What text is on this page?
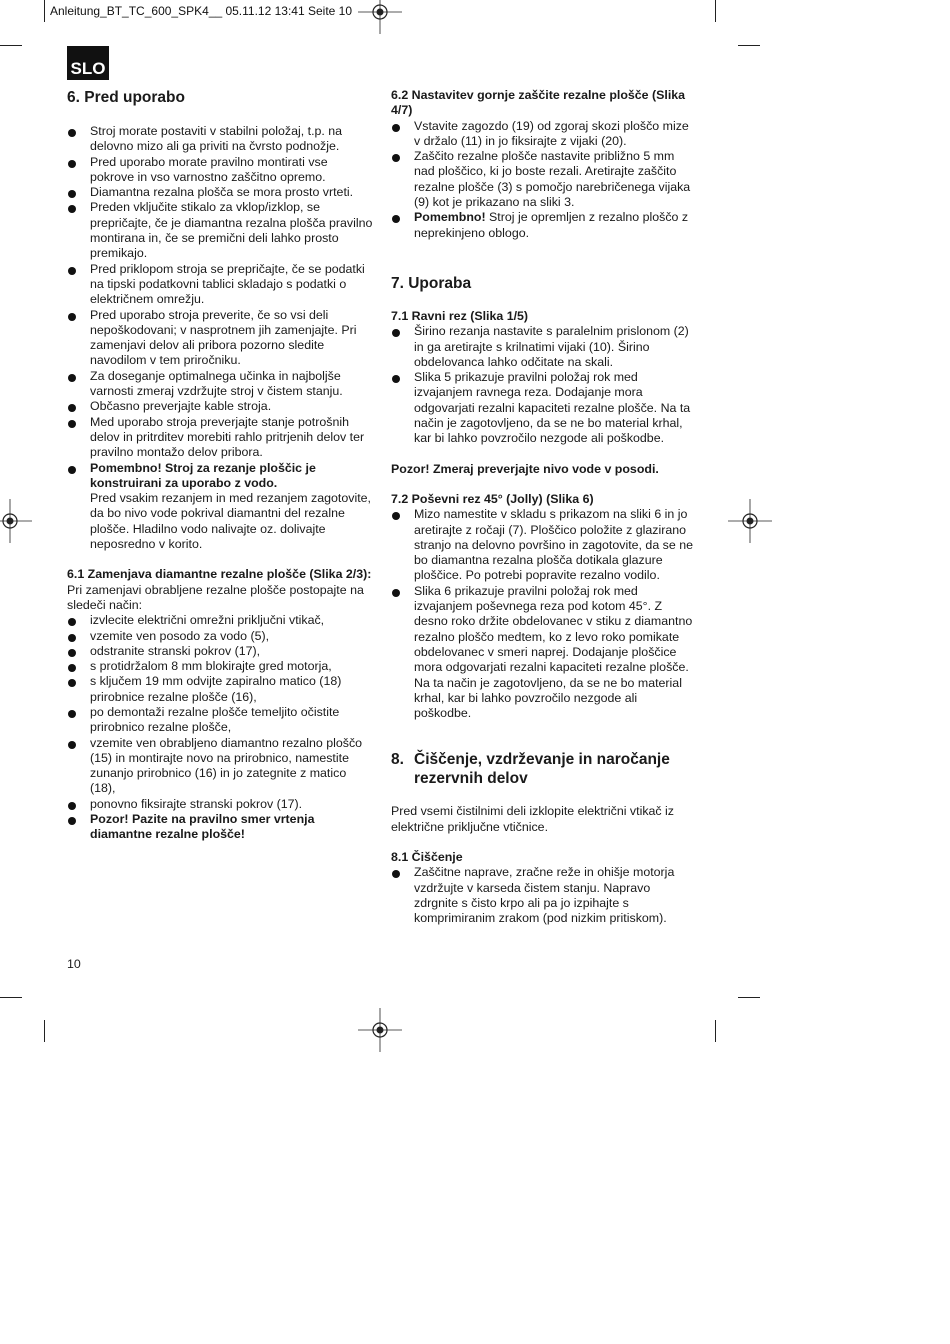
Anleitung_BT_TC_600_SPK4__ 05.11.12 13:41 Seite 10
SLO
6. Pred uporabo
Stroj morate postaviti v stabilni položaj, t.p. na delovno mizo ali ga priviti na čvrsto podnožje.
Pred uporabo morate pravilno montirati vse pokrove in vso varnostno zaščitno opremo.
Diamantna rezalna plošča se mora prosto vrteti.
Preden vključite stikalo za vklop/izklop, se prepričajte, če je diamantna rezalna plošča pravilno montirana in, če se premični deli lahko prosto premikajo.
Pred priklopom stroja se prepričajte, če se podatki na tipski podatkovni tablici skladajo s podatki o električnem omrežju.
Pred uporabo stroja preverite, če so vsi deli nepoškodovani; v nasprotnem jih zamenjajte. Pri zamenjavi delov ali pribora pozorno sledite navodilom v tem priročniku.
Za doseganje optimalnega učinka in najboljše varnosti zmeraj vzdržujte stroj v čistem stanju.
Občasno preverjajte kable stroja.
Med uporabo stroja preverjajte stanje potrošnih delov in pritrditev morebiti rahlo pritrjenih delov ter pravilno montažo delov pribora.
Pomembno! Stroj za rezanje ploščic je konstruirani za uporabo z vodo.
Pred vsakim rezanjem in med rezanjem zagotovite, da bo nivo vode pokrival diamantni del rezalne plošče. Hladilno vodo nalivajte oz. dolivajte neposredno v korito.
6.1 Zamenjava diamantne rezalne plošče (Slika 2/3):

Pri zamenjavi obrabljene rezalne plošče postopajte na sledeči način:

izvlecite električni omrežni priključni vtikač,
vzemite ven posodo za vodo (5),
odstranite stranski pokrov (17),
s protidržalom 8 mm blokirajte gred motorja,
s ključem 19 mm odvijte zapiralno matico (18) prirobnice rezalne plošče (16),
po demontaži rezalne plošče temeljito očistite prirobnico rezalne plošče,
vzemite ven obrabljeno diamantno rezalno ploščo (15) in montirajte novo na prirobnico, namestite zunanjo prirobnico (16) in jo zategnite z matico (18),
ponovno fiksirajte stranski pokrov (17).
Pozor! Pazite na pravilno smer vrtenja diamantne rezalne plošče!
6.2 Nastavitev gornje zaščite rezalne plošče (Slika 4/7)
Vstavite zagozdo (19) od zgoraj skozi ploščo mize v držalo (11) in jo fiksirajte z vijaki (20).
Zaščito rezalne plošče nastavite približno 5 mm nad ploščico, ki jo boste rezali. Aretirajte zaščito rezalne plošče (3) s pomočjo narebričenega vijaka (9) kot je prikazano na sliki 3.
Pomembno! Stroj je opremljen z rezalno ploščo z neprekinjeno oblogo.
7. Uporaba
7.1 Ravni rez (Slika 1/5)
Širino rezanja nastavite s paralelnim prislonom (2) in ga aretirajte s krilnatimi vijaki (10). Širino obdelovanca lahko odčitate na skali.
Slika 5 prikazuje pravilni položaj rok med izvajanjem ravnega reza. Dodajanje mora odgovarjati rezalni kapaciteti rezalne plošče. Na ta način je zagotovljeno, da se ne bo material krhal, kar bi lahko povzročilo nezgode ali poškodbe.

Pozor! Zmeraj preverjajte nivo vode v posodi.

7.2 Poševni rez 45° (Jolly) (Slika 6)
Mizo namestite v skladu s prikazom na sliki 6 in jo aretirajte z ročaji (7). Ploščico položite z glazirano stranjo na delovno površino in zagotovite, da se ne bo diamantna rezalna plošča dotikala glazure ploščice. Po potrebi popravite rezalno vodilo.
Slika 6 prikazuje pravilni položaj rok med izvajanjem poševnega reza pod kotom 45°. Z desno roko držite obdelovanec v stiku z diamantno rezalno ploščo medtem, ko z levo roko pomikate obdelovanec v smeri naprej. Dodajanje ploščice mora odgovarjati rezalni kapaciteti rezalne plošče. Na ta način je zagotovljeno, da se ne bo material krhal, kar bi lahko povzročilo nezgode ali poškodbe.
8. Čiščenje, vzdrževanje in naročanje rezervnih delov

Pred vsemi čistilnimi deli izklopite električni vtikač iz električne priključne vtičnice.

8.1 Čiščenje
Zaščitne naprave, zračne reže in ohišje motorja vzdržujte v karseda čistem stanju. Napravo zdrgnite s čisto krpo ali pa jo izpihajte s komprimiranim zrakom (pod nizkim pritiskom).
10
